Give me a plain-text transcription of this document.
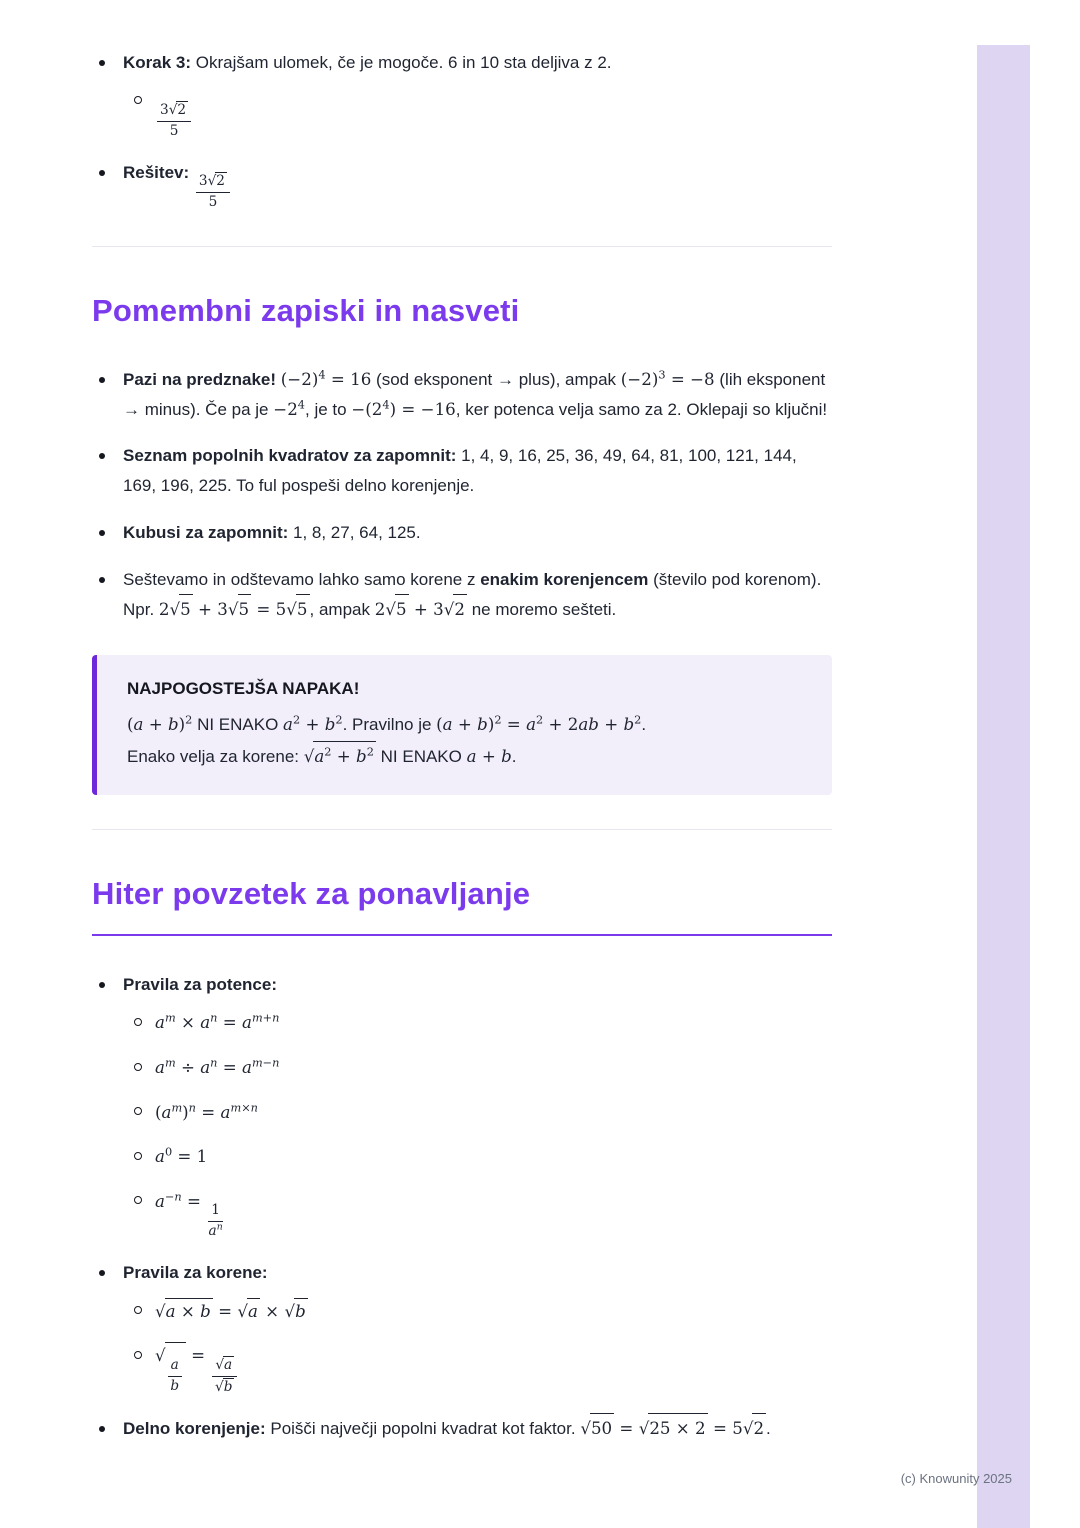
Korak 3: Okrajšam ulomek, če je mogoče. 6 in 10 sta deljiva z 2.
$\frac{3√2}{5}$
Rešitev: $\frac{3√2}{5}$
Pomembni zapiski in nasveti
Pazi na predznake! $(-2)^4 = 16$ (sod eksponent → plus), ampak $(-2)^3 = -8$ (lih eksponent → minus). Če pa je $-2^4$, je to $-(2^4) = -16$, ker potenca velja samo za 2. Oklepaji so ključni!
Seznam popolnih kvadratov za zapomnit: 1, 4, 9, 16, 25, 36, 49, 64, 81, 100, 121, 144, 169, 196, 225. To ful pospeši delno korenjenje.
Kubusi za zapomnit: 1, 8, 27, 64, 125.
Seštevamo in odštevamo lahko samo korene z enakim korenjencem (število pod korenom). Npr. 2√5 + 3√5 = 5√5 , ampak 2√5 + 3√2 ne moremo sešteti.
NAJPOGOSTEJŠA NAPAKA!

$(a + b)^2$ NI ENAKO $a^2 + b^2$. Pravilno je $(a + b)^2 = a^2 + 2ab + b^2$.

Enako velja za korene: $√a^2 + b^2$ NI ENAKO a + b.

Hiter povzetek za ponavljanje
Pravila za potence:
$a^m \times a^n = a^{m+n}$
$a^m \div a^n = a^{m-n}$
$(a^m)^n = a^{m\times n}$
$a^0 = 1$
$a^{-n}$ =
$\frac{1}{a^n}$
Pravila za korene:
√a × b = √a × √b
√
$\frac{a}{b}$
= $\frac{√a}{√b}$
Delno korenjenje: Poišči največji popolni kvadrat kot faktor. √50 = √25 × 2 = 5√2 .
(c) Knowunity 2025
